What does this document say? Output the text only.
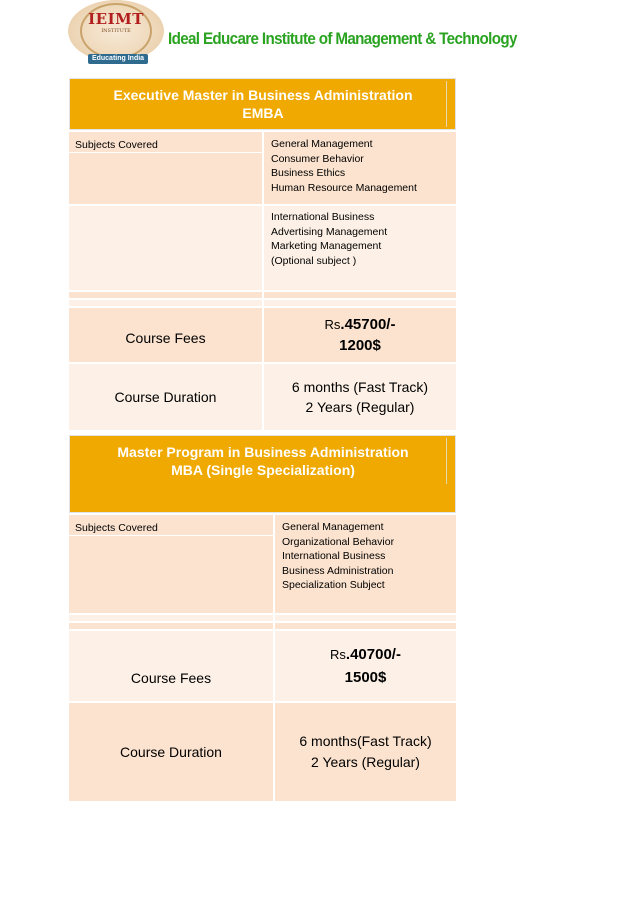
IEIMT
INSTITUTE
Educating India
Ideal Educare Institute of Management & Technology
Executive Master in Business Administration
EMBA
Subjects Covered	General Management
Consumer Behavior
Business Ethics
Human Resource Management
International Business
Advertising Management
Marketing Management
(Optional subject )
Course Fees
Rs.45700/-
1200$
Course Duration
6 months (Fast Track)
2 Years (Regular)
Master Program in Business Administration
MBA (Single Specialization)
Subjects Covered	General Management
Organizational Behavior
International Business
Business Administration
Specialization Subject
Course Fees
Rs.40700/-
1500$
Course Duration
6 months(Fast Track)
2 Years (Regular)
